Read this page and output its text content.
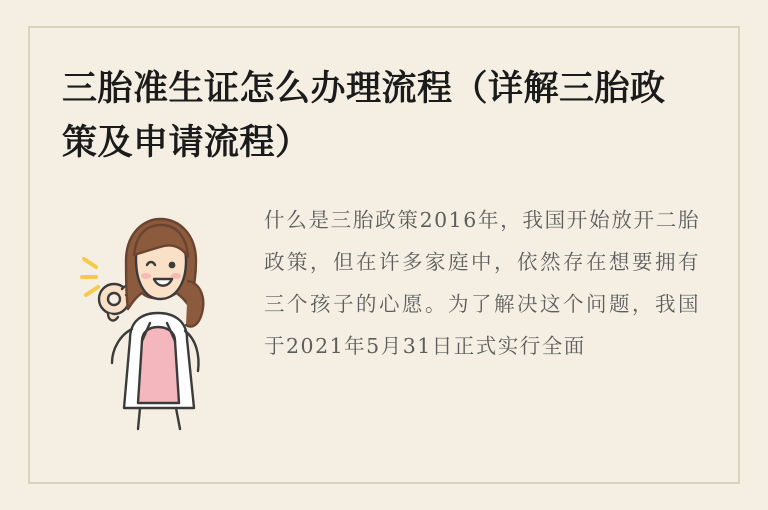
三胎准生证怎么办理流程（详解三胎政策及申请流程）
什么是三胎政策2016年，我国开始放开二胎政策，但在许多家庭中，依然存在想要拥有三个孩子的心愿。为了解决这个问题，我国于2021年5月31日正式实行全面
